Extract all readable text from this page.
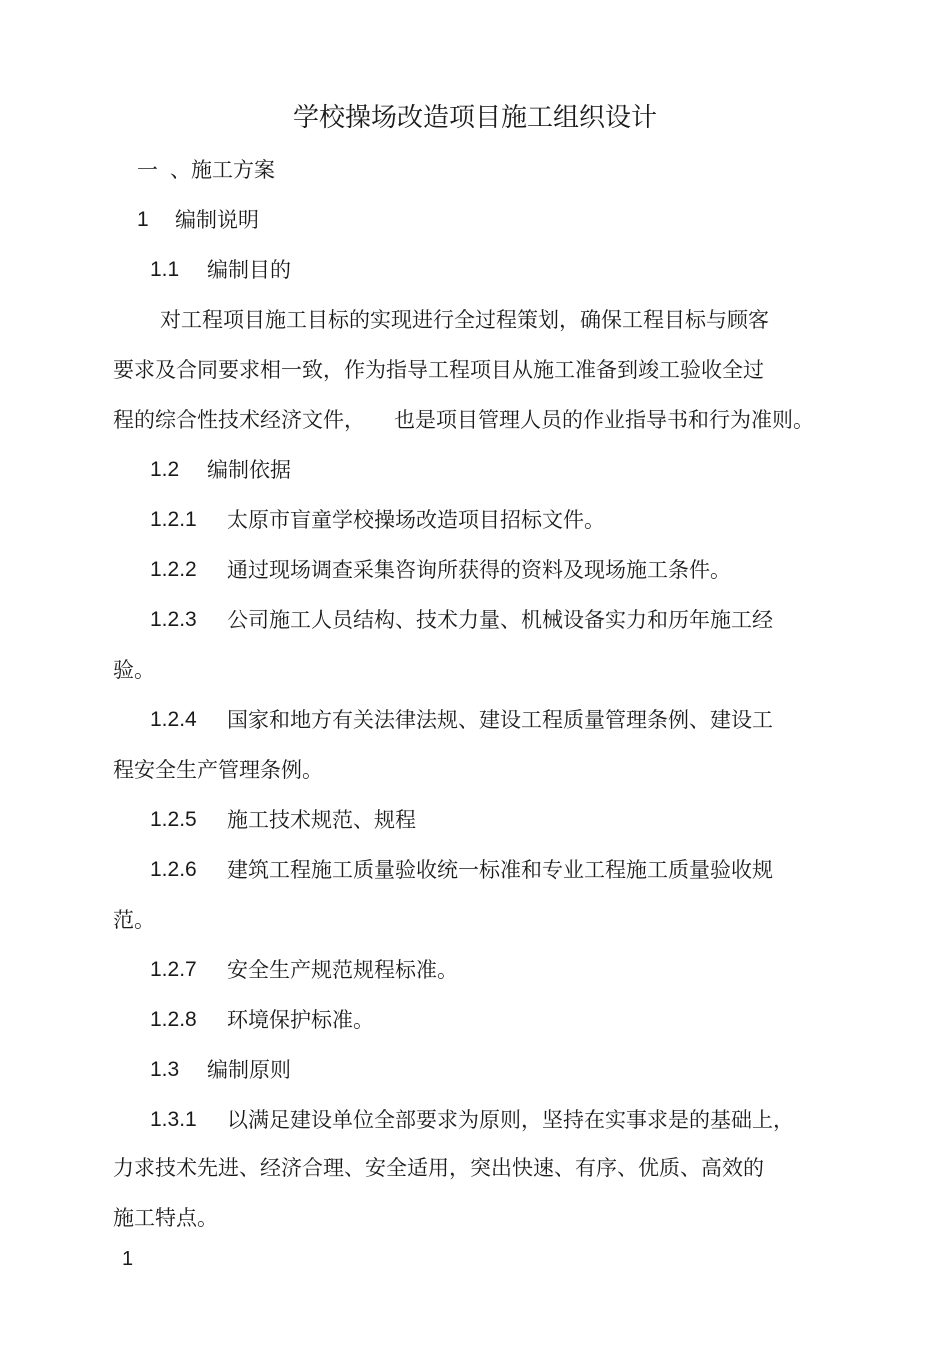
学校操场改造项目施工组织设计
一 、施工方案
1 编制说明
1.1 编制目的
对工程项目施工目标的实现进行全过程策划，确保工程目标与顾客
要求及合同要求相一致，作为指导工程项目从施工准备到竣工验收全过
程的综合性技术经济文件， 也是项目管理人员的作业指导书和行为准则。
1.2 编制依据
1.2.1 太原市盲童学校操场改造项目招标文件。
1.2.2 通过现场调查采集咨询所获得的资料及现场施工条件。
1.2.3 公司施工人员结构、技术力量、机械设备实力和历年施工经
验。
1.2.4 国家和地方有关法律法规、建设工程质量管理条例、建设工
程安全生产管理条例。
1.2.5 施工技术规范、规程
1.2.6 建筑工程施工质量验收统一标准和专业工程施工质量验收规
范。
1.2.7 安全生产规范规程标准。
1.2.8 环境保护标准。
1.3 编制原则
1.3.1 以满足建设单位全部要求为原则，坚持在实事求是的基础上，
力求技术先进、经济合理、安全适用，突出快速、有序、优质、高效的
施工特点。
1
